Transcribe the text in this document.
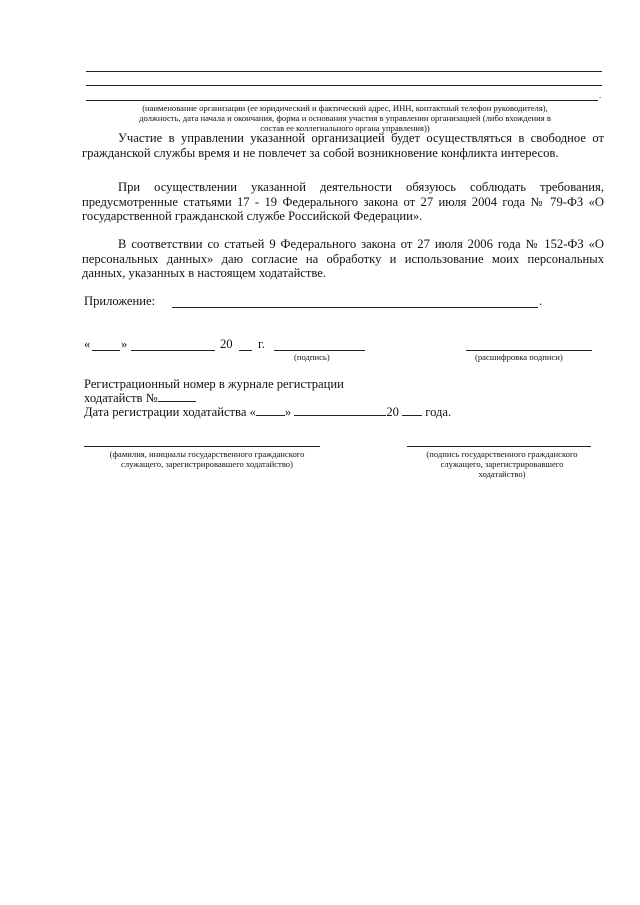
.
(наименование организации (ее юридический и фактический адрес, ИНН, контактный телефон руководителя),
должность, дата начала и окончания, форма и основания участия в управлении организацией (либо вхождения в
состав ее коллегиального органа управления))

Участие в управлении указанной организацией будет осуществляться в свободное от гражданской службы время и не повлечет за собой возникновение конфликта интересов.

При осуществлении указанной деятельности обязуюсь соблюдать требования, предусмотренные статьями 17 - 19 Федерального закона от 27 июля 2004 года № 79-ФЗ «О государственной гражданской службе Российской Федерации».

В соответствии со статьей 9 Федерального закона от 27 июля 2006 года № 152-ФЗ «О персональных данных» даю согласие на обработку и использование моих персональных данных, указанных в настоящем ходатайстве.

Приложение:	.
« »	20 г.
(подпись)	(расшифровка подписи)
Регистрационный номер в журнале регистрации
ходатайств №
Дата регистрации ходатайства « »	20 года.
(фамилия, инициалы государственного гражданского
служащего, зарегистрировавшего ходатайство)
(подпись государственного гражданского
служащего, зарегистрировавшего
ходатайство)
